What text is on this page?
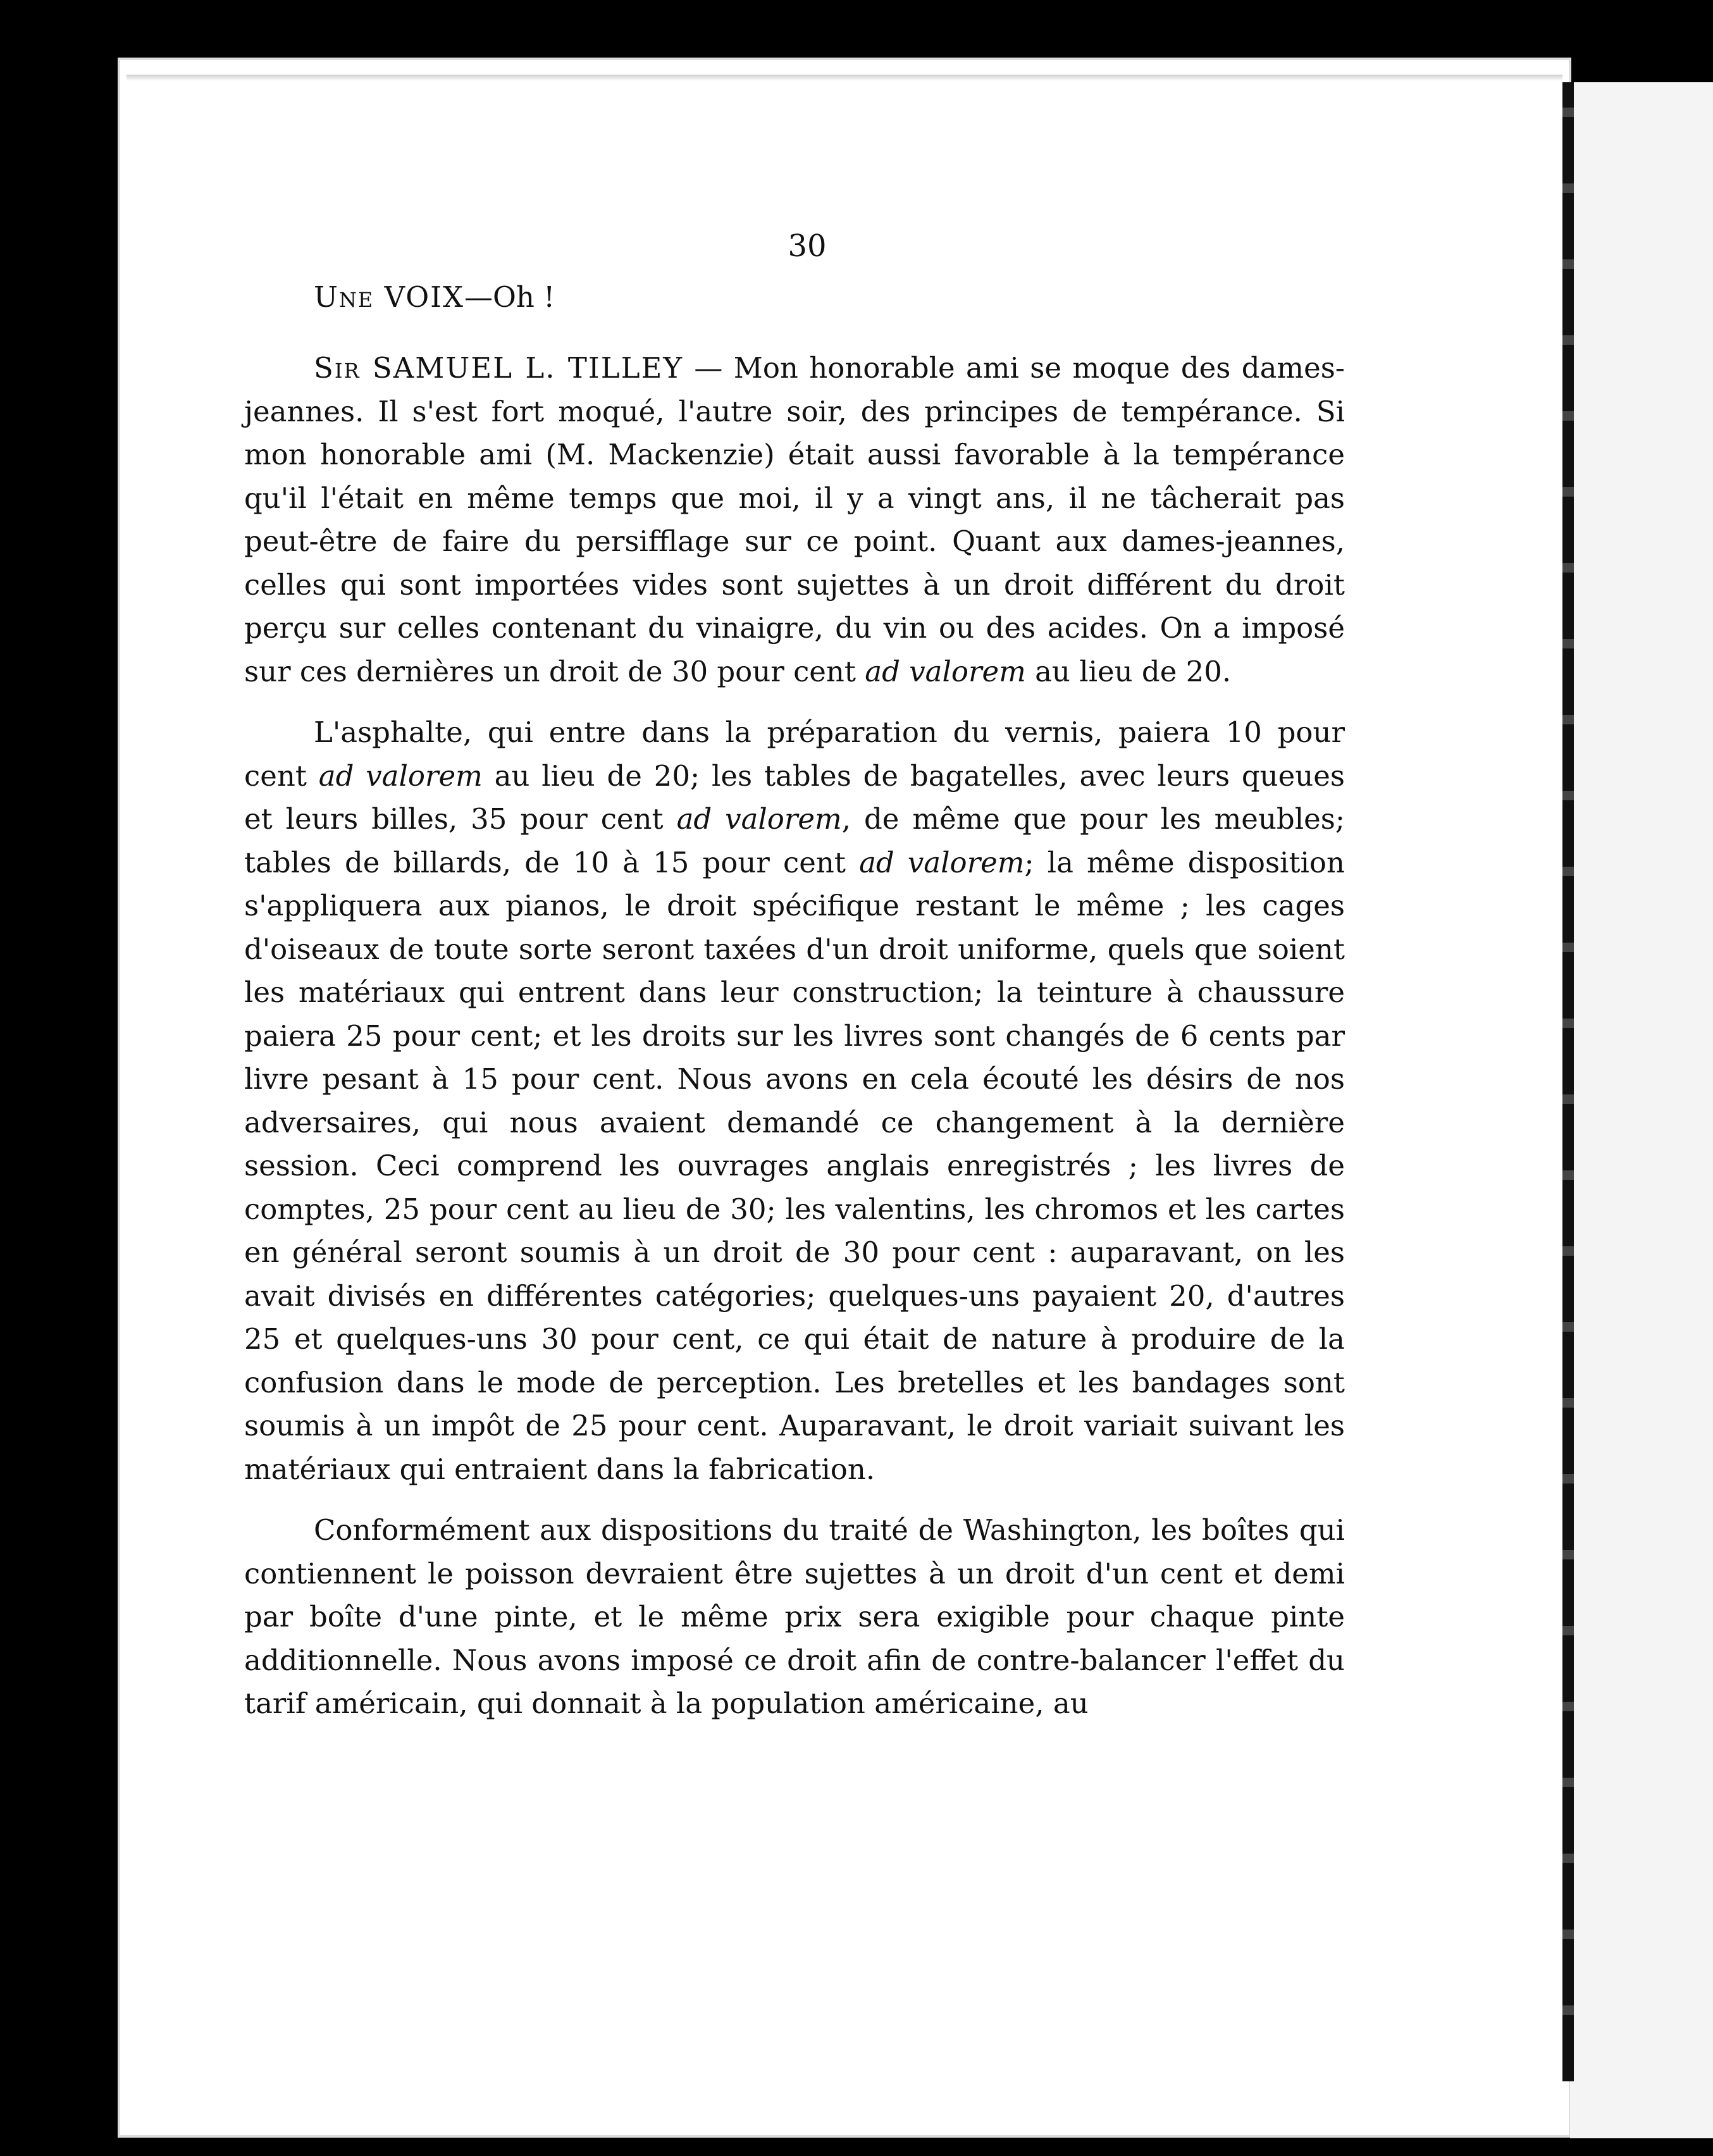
30

Une VOIX—Oh !

Sir SAMUEL L. TILLEY — Mon honorable ami se moque des dames-jeannes. Il s'est fort moqué, l'autre soir, des principes de tempérance. Si mon honorable ami (M. Mackenzie) était aussi favorable à la tempérance qu'il l'était en même temps que moi, il y a vingt ans, il ne tâcherait pas peut-être de faire du persifflage sur ce point. Quant aux dames-jeannes, celles qui sont importées vides sont sujettes à un droit différent du droit perçu sur celles contenant du vinaigre, du vin ou des acides. On a imposé sur ces dernières un droit de 30 pour cent ad valorem au lieu de 20.

L'asphalte, qui entre dans la préparation du vernis, paiera 10 pour cent ad valorem au lieu de 20; les tables de bagatelles, avec leurs queues et leurs billes, 35 pour cent ad valorem, de même que pour les meubles; tables de billards, de 10 à 15 pour cent ad valorem; la même disposition s'appliquera aux pianos, le droit spécifique restant le même ; les cages d'oiseaux de toute sorte seront taxées d'un droit uniforme, quels que soient les matériaux qui entrent dans leur construction; la teinture à chaussure paiera 25 pour cent; et les droits sur les livres sont changés de 6 cents par livre pesant à 15 pour cent. Nous avons en cela écouté les désirs de nos adversaires, qui nous avaient demandé ce changement à la dernière session. Ceci comprend les ouvrages anglais enregistrés ; les livres de comptes, 25 pour cent au lieu de 30; les valentins, les chromos et les cartes en général seront soumis à un droit de 30 pour cent : auparavant, on les avait divisés en différentes catégories; quelques-uns payaient 20, d'autres 25 et quelques-uns 30 pour cent, ce qui était de nature à produire de la confusion dans le mode de perception. Les bretelles et les bandages sont soumis à un impôt de 25 pour cent. Auparavant, le droit variait suivant les matériaux qui entraient dans la fabrication.

Conformément aux dispositions du traité de Washington, les boîtes qui contiennent le poisson devraient être sujettes à un droit d'un cent et demi par boîte d'une pinte, et le même prix sera exigible pour chaque pinte additionnelle. Nous avons imposé ce droit afin de contre-balancer l'effet du tarif américain, qui donnait à la population américaine, au
